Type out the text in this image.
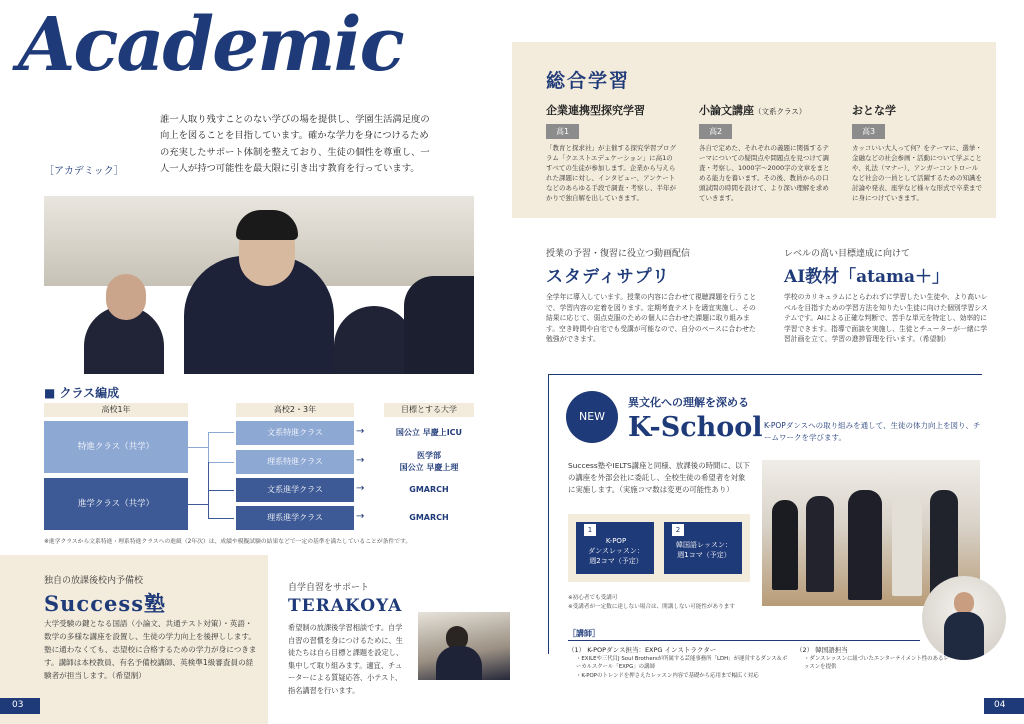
Academic
［アカデミック］
誰一人取り残すことのない学びの場を提供し、学園生活満足度の向上を図ることを目指しています。確かな学力を身につけるための充実したサポート体制を整えており、生徒の個性を尊重し、一人一人が持つ可能性を最大限に引き出す教育を行っています。
■ クラス編成
高校1年	高校2・3年	目標とする大学
特進クラス（共学）
進学クラス（共学）
文系特進クラス
理系特進クラス
文系進学クラス
理系進学クラス
→
→
→
→
国公立 早慶上ICU
医学部
国公立 早慶上理
GMARCH
GMARCH
※進学クラスから文系特進・理系特進クラスへの進級（2年次）は、成績や模擬試験の結果などで一定の基準を満たしていることが条件です。
独自の放課後校内予備校
Success塾
大学受験の鍵となる国語（小論文、共通テスト対策）・英語・数学の多様な講座を設置し、生徒の学力向上を後押しします。塾に通わなくても、志望校に合格するための学力が身につきます。講師は本校教員、有名予備校講師、英検準1級審査員の経験者が担当します。（希望制）
03
自学自習をサポート
TERAKOYA
希望制の放課後学習相談です。自学自習の習慣を身につけるために、生徒たちは自ら目標と課題を設定し、集中して取り組みます。適宜、チューターによる質疑応答、小テスト、指名講習を行います。
総合学習
企業連携型探究学習
高1
「教育と探求社」が主催する探究学習プログラム「クエストエデュケーション」に高1のすべての生徒が参加します。企業から与えられた課題に対し、インタビュー、アンケートなどのあらゆる手段で調査・考察し、半年がかりで独自解を出していきます。
小論文講座（文系クラス）
高2
各自で定めた、それぞれの義題に関係するテーマについての疑問点や問題点を見つけて調査・考察し、1000字〜2000字の文章をまとめる能力を養います。その後、教員からの口頭試問の時間を設けて、より深い理解を求めていきます。
おとな学
高3
カッコいい大人って何？をテーマに、選挙・金融などの社会参画・活動について学ぶことや、礼法（マナー）、アンガーコントロールなど社会の一員として活躍するための知識を討論や発表、座学など様々な形式で卒業までに身につけていきます。
授業の予習・復習に役立つ動画配信
スタディサプリ
全学年に導入しています。授業の内容に合わせて視聴課題を行うことで、学習内容の定着を図ります。定期考査テストを適宜実施し、その結果に応じて、弱点克服のための個人に合わせた課題に取り組みます。空き時間や自宅でも受講が可能なので、自分のペースに合わせた勉強ができます。
レベルの高い目標達成に向けて
AI教材「atama＋」
学校のカリキュラムにとらわれずに学習したい生徒や、より高いレベルを目指すための学習方法を知りたい生徒に向けた個別学習システムです。AIによる正確な判断で、苦手な単元を特定し、効率的に学習できます。指導で面談を実施し、生徒とチューターが一緒に学習計画を立て、学習の進捗管理を行います。（希望制）
NEW
異文化への理解を深める
K-School K-POPダンスへの取り組みを通して、生徒の体力向上を図り、チームワークを学びます。
Success塾やIELTS講座と同様、放課後の時間に、以下の講座を外部会社に委託し、全校生徒の希望者を対象に実施します。（実施コマ数は変更の可能性あり）
1
K-POP
ダンスレッスン：
週2コマ（予定）
2
韓国語レッスン：
週1コマ（予定）
※初心者でも受講可
※受講者が一定数に達しない場合は、開講しない可能性があります
［講師］
（1） K-POPダンス担当：EXPG インストラクター
・EXILEや三代目J Soul Brothersが所属する芸能事務所「LDH」が運営するダンス＆ボーカルスクール「EXPG」の講師
・K-POPのトレンドを押さえたレッスン内容で基礎から応用まで幅広く対応
（2） 韓国語担当
・ダンスレッスンに紐づいたエンターテイメント性のあるレッスンを提供
04
